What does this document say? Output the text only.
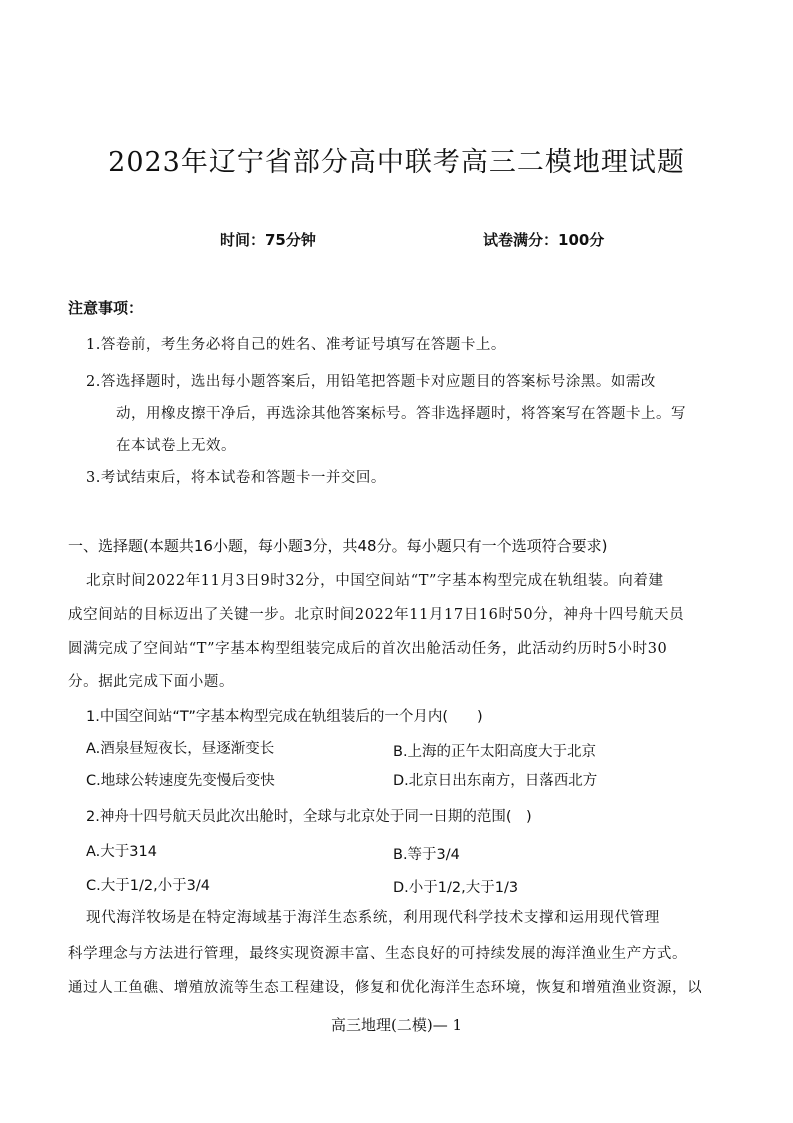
2023年辽宁省部分高中联考高三二模地理试题
时间：75分钟	试卷满分：100分
注意事项：
1.答卷前，考生务必将自己的姓名、准考证号填写在答题卡上。
2.答选择题时，选出每小题答案后，用铅笔把答题卡对应题目的答案标号涂黑。如需改
动，用橡皮擦干净后，再选涂其他答案标号。答非选择题时，将答案写在答题卡上。写
在本试卷上无效。
3.考试结束后，将本试卷和答题卡一并交回。
一、选择题(本题共16小题，每小题3分，共48分。每小题只有一个选项符合要求)
北京时间2022年11月3日9时32分，中国空间站“T”字基本构型完成在轨组装。向着建
成空间站的目标迈出了关键一步。北京时间2022年11月17日16时50分，神舟十四号航天员
圆满完成了空间站“T”字基本构型组装完成后的首次出舱活动任务，此活动约历时5小时30
分。据此完成下面小题。
1.中国空间站“T”字基本构型完成在轨组装后的一个月内(　　)
A.酒泉昼短夜长，昼逐渐变长	B.上海的正午太阳高度大于北京
C.地球公转速度先变慢后变快	D.北京日出东南方，日落西北方
2.神舟十四号航天员此次出舱时，全球与北京处于同一日期的范围(　)
A.大于314	B.等于3/4
C.大于1/2,小于3/4	D.小于1/2,大于1/3
现代海洋牧场是在特定海域基于海洋生态系统，利用现代科学技术支撑和运用现代管理
科学理念与方法进行管理，最终实现资源丰富、生态良好的可持续发展的海洋渔业生产方式。
通过人工鱼礁、增殖放流等生态工程建设，修复和优化海洋生态环境，恢复和增殖渔业资源，以
高三地理(二模)— 1
